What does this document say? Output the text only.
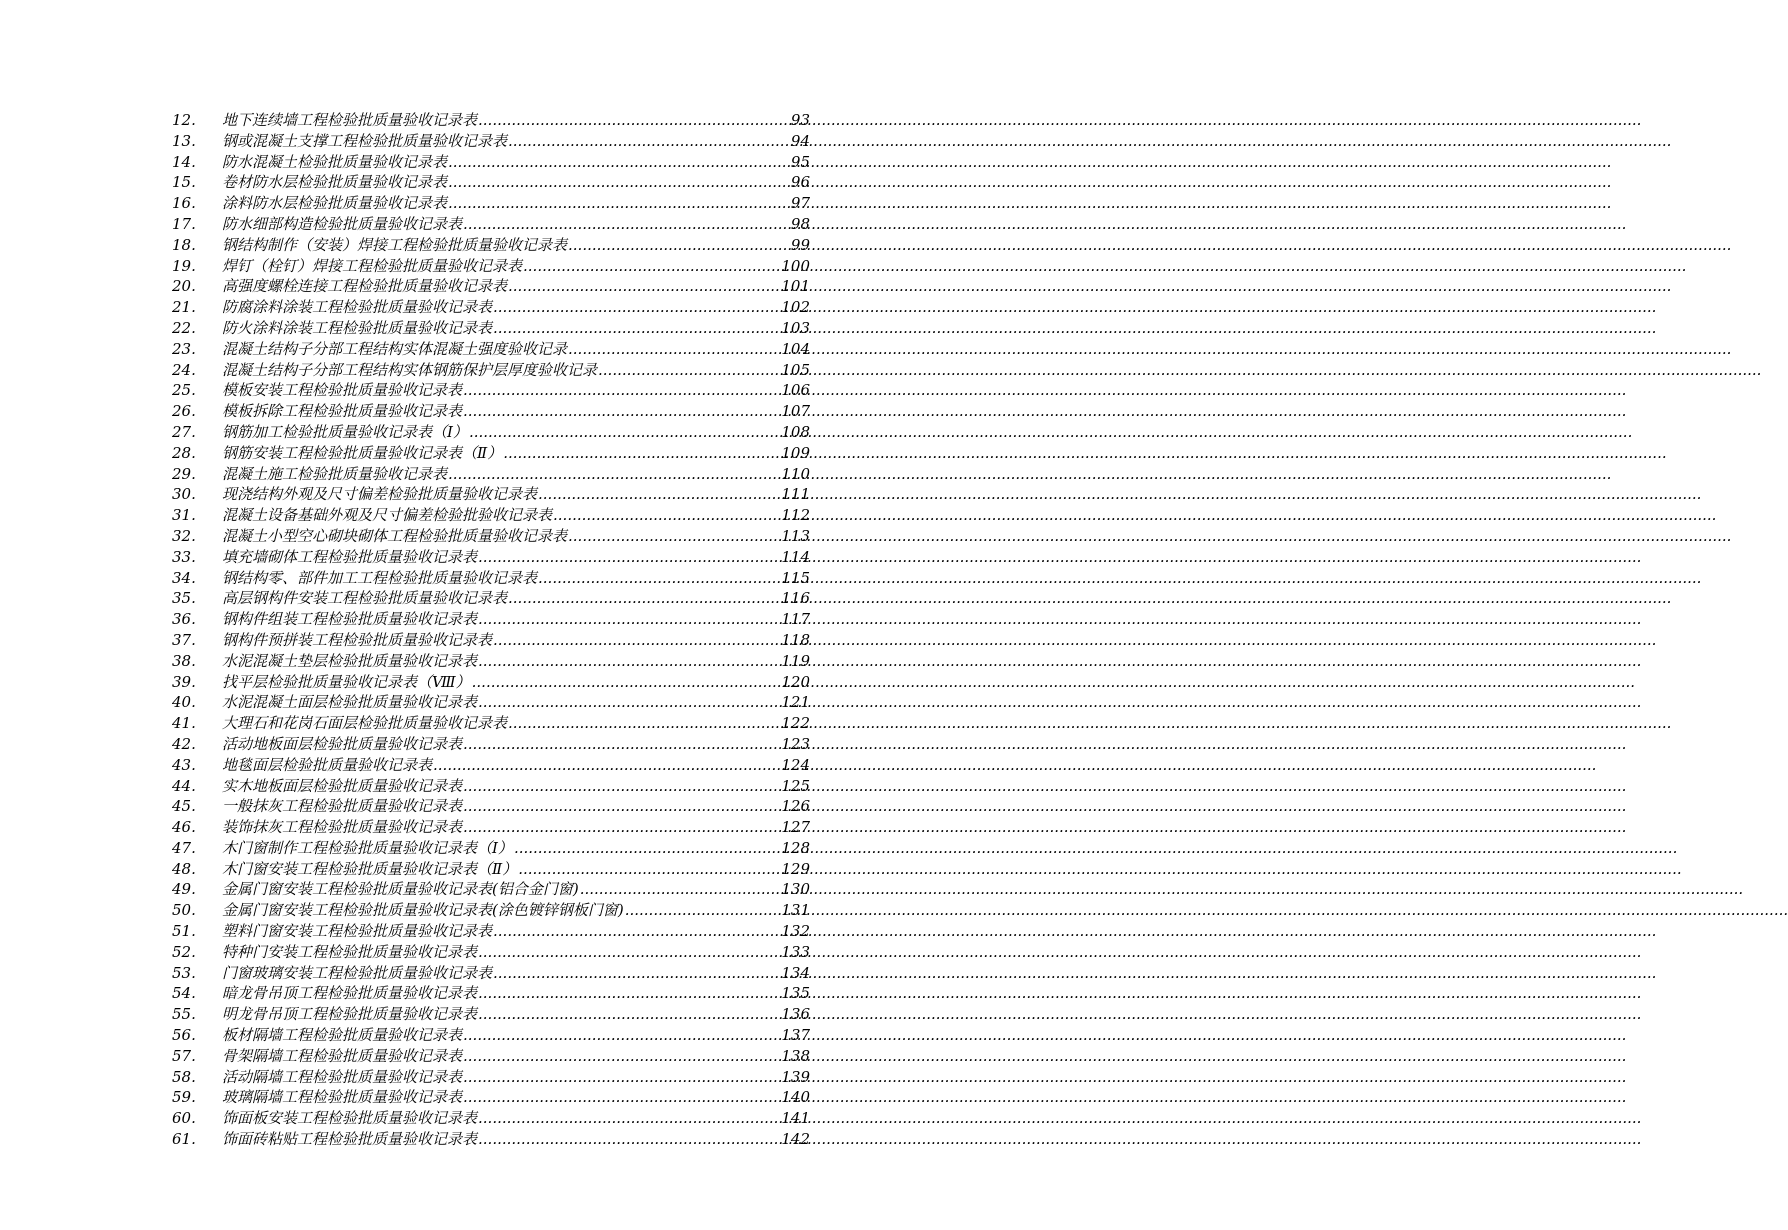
12.	地下连续墙工程检验批质量验收记录表 .....	93
13.	钢或混凝土支撑工程检验批质量验收记录表 .....	94
14.	防水混凝土检验批质量验收记录表 .....	95
15.	卷材防水层检验批质量验收记录表 .....	96
16.	涂料防水层检验批质量验收记录表 .....	97
17.	防水细部构造检验批质量验收记录表 .....	98
18.	钢结构制作（安装）焊接工程检验批质量验收记录表 .....	99
19.	焊钉（栓钉）焊接工程检验批质量验收记录表 .....	100
20.	高强度螺栓连接工程检验批质量验收记录表 .....	101
21.	防腐涂料涂装工程检验批质量验收记录表 .....	102
22.	防火涂料涂装工程检验批质量验收记录表 .....	103
23.	混凝土结构子分部工程结构实体混凝土强度验收记录 .....	104
24.	混凝土结构子分部工程结构实体钢筋保护层厚度验收记录 .....	105
25.	模板安装工程检验批质量验收记录表 .....	106
26.	模板拆除工程检验批质量验收记录表 .....	107
27.	钢筋加工检验批质量验收记录表（Ⅰ） .....	108
28.	钢筋安装工程检验批质量验收记录表（Ⅱ） .....	109
29.	混凝土施工检验批质量验收记录表 .....	110
30.	现浇结构外观及尺寸偏差检验批质量验收记录表 .....	111
31.	混凝土设备基础外观及尺寸偏差检验批验收记录表 .....	112
32.	混凝土小型空心砌块砌体工程检验批质量验收记录表 .....	113
33.	填充墙砌体工程检验批质量验收记录表 .....	114
34.	钢结构零、部件加工工程检验批质量验收记录表 .....	115
35.	高层钢构件安装工程检验批质量验收记录表 .....	116
36.	钢构件组装工程检验批质量验收记录表 .....	117
37.	钢构件预拼装工程检验批质量验收记录表 .....	118
38.	水泥混凝土垫层检验批质量验收记录表 .....	119
39.	找平层检验批质量验收记录表（Ⅷ） .....	120
40.	水泥混凝土面层检验批质量验收记录表 .....	121
41.	大理石和花岗石面层检验批质量验收记录表 .....	122
42.	活动地板面层检验批质量验收记录表 .....	123
43.	地毯面层检验批质量验收记录表 .....	124
44.	实木地板面层检验批质量验收记录表 .....	125
45.	一般抹灰工程检验批质量验收记录表 .....	126
46.	装饰抹灰工程检验批质量验收记录表 .....	127
47.	木门窗制作工程检验批质量验收记录表（Ⅰ） .....	128
48.	木门窗安装工程检验批质量验收记录表（Ⅱ） .....	129
49.	金属门窗安装工程检验批质量验收记录表(铝合金门窗) .....	130
50.	金属门窗安装工程检验批质量验收记录表(涂色镀锌钢板门窗) .....	131
51.	塑料门窗安装工程检验批质量验收记录表 .....	132
52.	特种门安装工程检验批质量验收记录表 .....	133
53.	门窗玻璃安装工程检验批质量验收记录表 .....	134
54.	暗龙骨吊顶工程检验批质量验收记录表 .....	135
55.	明龙骨吊顶工程检验批质量验收记录表 .....	136
56.	板材隔墙工程检验批质量验收记录表 .....	137
57.	骨架隔墙工程检验批质量验收记录表 .....	138
58.	活动隔墙工程检验批质量验收记录表 .....	139
59.	玻璃隔墙工程检验批质量验收记录表 .....	140
60.	饰面板安装工程检验批质量验收记录表 .....	141
61.	饰面砖粘贴工程检验批质量验收记录表 .....	142
